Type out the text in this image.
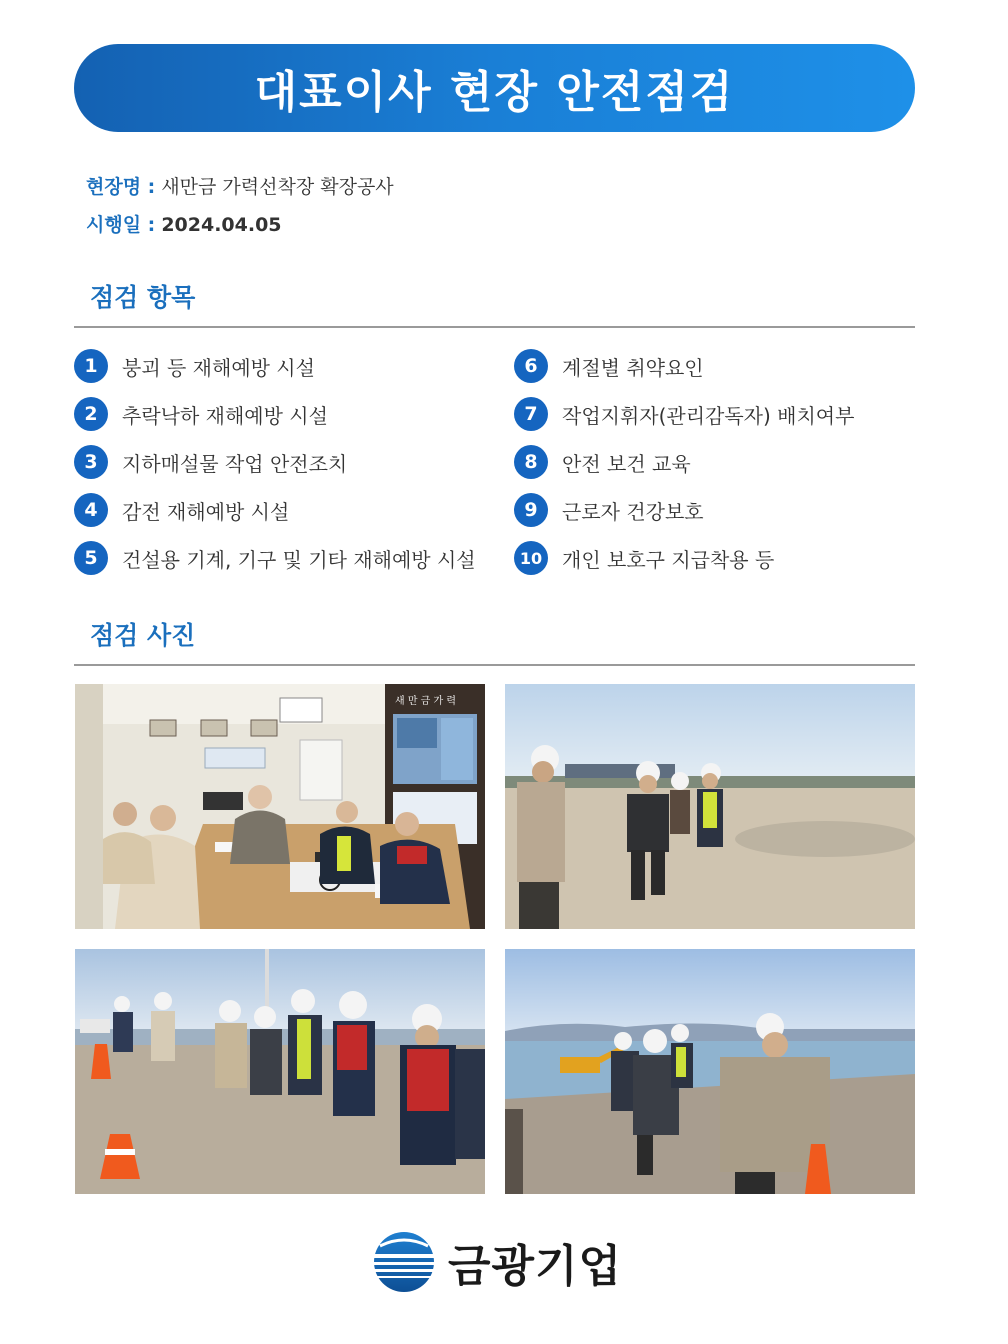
대표이사 현장 안전점검
현장명 : 새만금 가력선착장 확장공사
시행일 : 2024.04.05
점검 항목
1	붕괴 등 재해예방 시설
2	추락낙하 재해예방 시설
3	지하매설물 작업 안전조치
4	감전 재해예방 시설
5	건설용 기계, 기구 및 기타 재해예방 시설
6	계절별 취약요인
7	작업지휘자(관리감독자) 배치여부
8	안전 보건 교육
9	근로자 건강보호
10 개인 보호구 지급착용 등
점검 사진
새 만 금 가 력
금광기업
